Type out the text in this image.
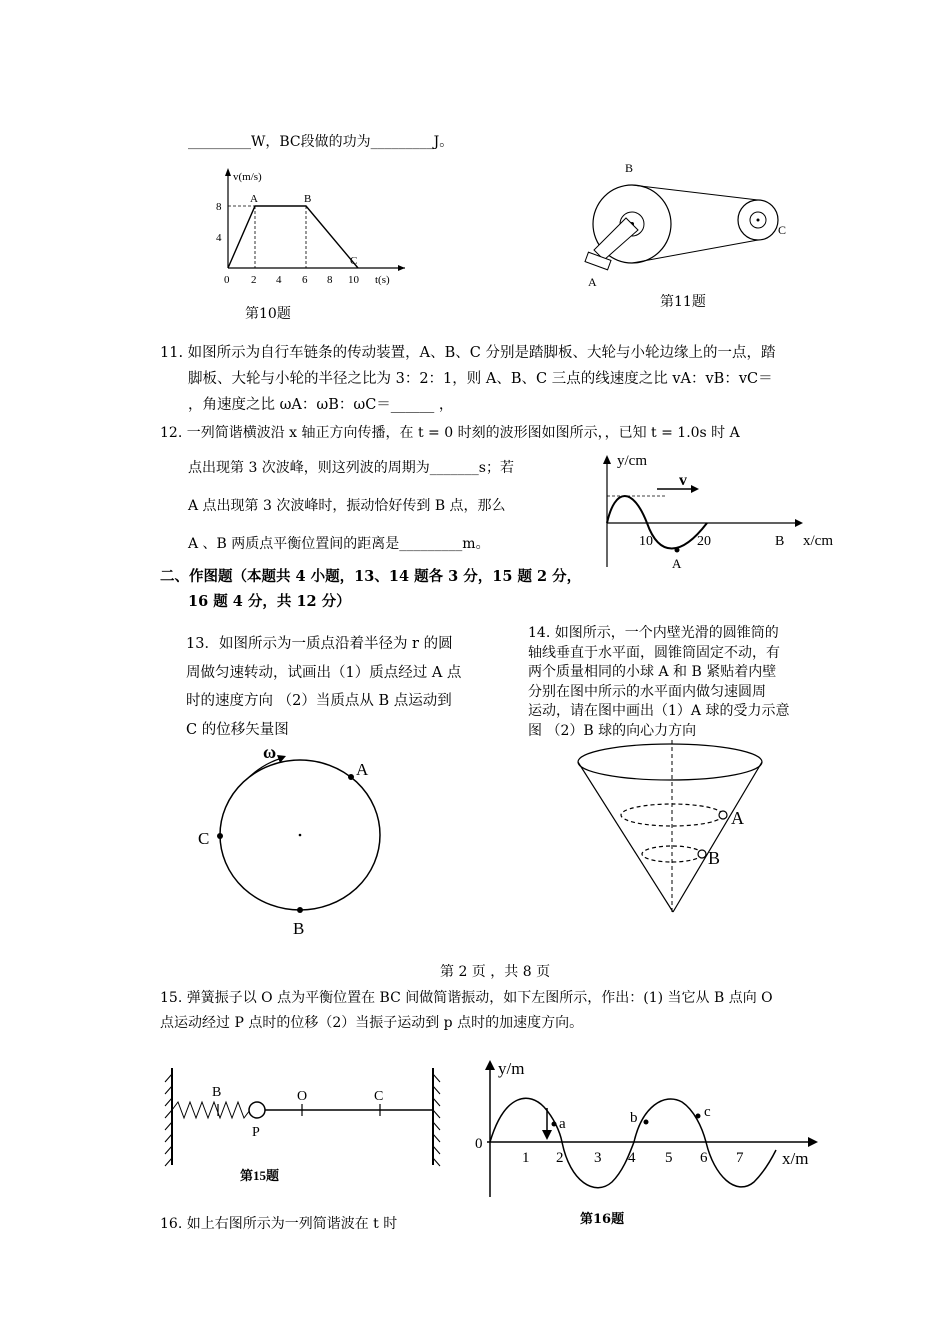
_________W，BC段做的功为_________J。
v(m/s)
t(s)
8
4
0 2 4 6 8 10
A	B
C
第10题
B
A
C
第11题
11. 如图所示为自行车链条的传动装置，A、B、C 分别是踏脚板、大轮与小轮边缘上的一点，踏
脚板、大轮与小轮的半径之比为 3：2：1，则 A、B、C 三点的线速度之比 vA：vB：vC＝
，角速度之比 ωA：ωB：ωC＝______ ，
12. 一列简谐横波沿 x 轴正方向传播，在 t = 0 时刻的波形图如图所示，，已知 t = 1.0s 时 A
点出现第 3 次波峰，则这列波的周期为_______s；若
A 点出现第 3 次波峰时，振动恰好传到 B 点，那么
A 、B 两质点平衡位置间的距离是_________m。
y/cm
x/cm
v
10	20
A
B
二、作图题（本题共 4 小题，13、14 题各 3 分，15 题 2 分，
16 题 4 分，共 12 分）
13．如图所示为一质点沿着半径为 r 的圆
周做匀速转动，试画出（1）质点经过 A 点
时的速度方向 （2）当质点从 B 点运动到
C 的位移矢量图
14. 如图所示，一个内壁光滑的圆锥筒的
轴线垂直于水平面，圆锥筒固定不动，有
两个质量相同的小球 A 和 B 紧贴着内壁
分别在图中所示的水平面内做匀速圆周
运动，请在图中画出（1）A 球的受力示意
图 （2）B 球的向心力方向
ω
A
C
B
A
B
第 2 页 ，共 8 页
15. 弹簧振子以 O 点为平衡位置在 BC 间做简谐振动，如下左图所示，作出：(1) 当它从 B 点向 O
点运动经过 P 点时的位移（2）当振子运动到 p 点时的加速度方向。
B	O	C
P
第15题
y/m
x/m
0
1 2 3 4 5 6 7
a	b	c
第16题
16. 如上右图所示为一列简谐波在 t 时
